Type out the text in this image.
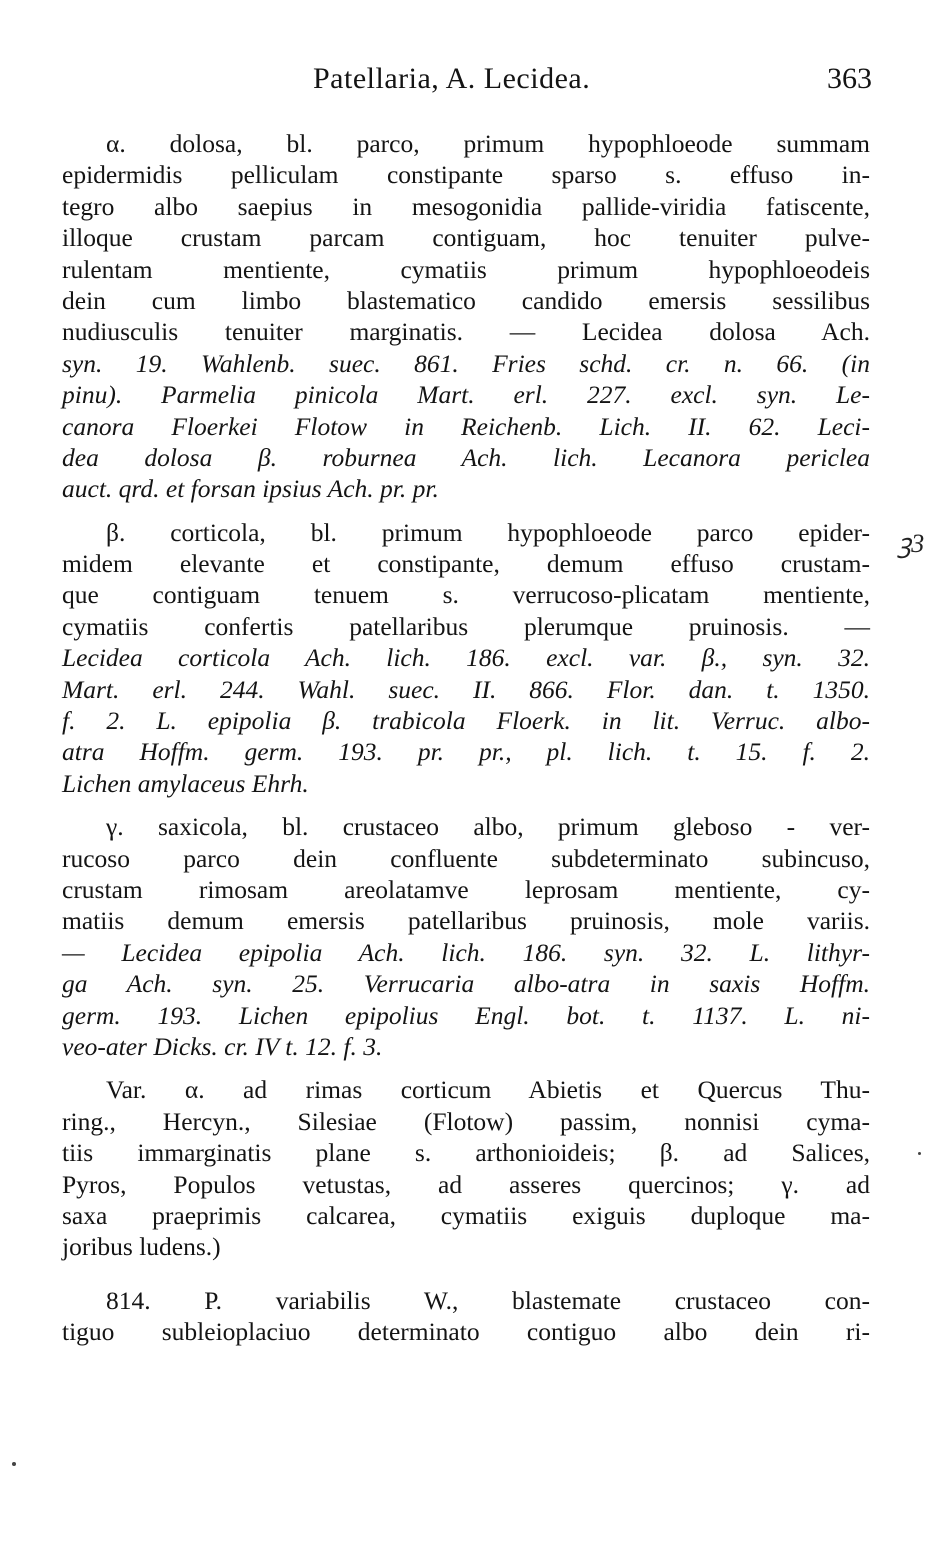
Patellaria, A. Lecidea.	363
ꝫ3
α. dolosa, bl. parco, primum hypophloeode summam
epidermidis pelliculam constipante sparso s. effuso in-
tegro albo saepius in mesogonidia pallide-viridia fatiscente,
illoque crustam parcam contiguam, hoc tenuiter pulve-
rulentam mentiente, cymatiis primum hypophloeodeis
dein cum limbo blastematico candido emersis sessilibus
nudiusculis tenuiter marginatis. — Lecidea dolosa Ach.
syn. 19. Wahlenb. suec. 861. Fries schd. cr. n. 66. (in
pinu). Parmelia pinicola Mart. erl. 227. excl. syn. Le-
canora Floerkei Flotow in Reichenb. Lich. II. 62. Leci-
dea dolosa β. roburnea Ach. lich. Lecanora periclea
auct. qrd. et forsan ipsius Ach. pr. pr.
β. corticola, bl. primum hypophloeode parco epider-
midem elevante et constipante, demum effuso crustam-
que contiguam tenuem s. verrucoso-plicatam mentiente,
cymatiis confertis patellaribus plerumque pruinosis. —
Lecidea corticola Ach. lich. 186. excl. var. β., syn. 32.
Mart. erl. 244. Wahl. suec. II. 866. Flor. dan. t. 1350.
f. 2. L. epipolia β. trabicola Floerk. in lit. Verruc. albo-
atra Hoffm. germ. 193. pr. pr., pl. lich. t. 15. f. 2.
Lichen amylaceus Ehrh.
γ. saxicola, bl. crustaceo albo, primum gleboso - ver-
rucoso parco dein confluente subdeterminato subincuso,
crustam rimosam areolatamve leprosam mentiente, cy-
matiis demum emersis patellaribus pruinosis, mole variis.
— Lecidea epipolia Ach. lich. 186. syn. 32. L. lithyr-
ga Ach. syn. 25. Verrucaria albo-atra in saxis Hoffm.
germ. 193. Lichen epipolius Engl. bot. t. 1137. L. ni-
veo-ater Dicks. cr. IV t. 12. f. 3.
Var. α. ad rimas corticum Abietis et Quercus Thu-
ring., Hercyn., Silesiae (Flotow) passim, nonnisi cyma-
tiis immarginatis plane s. arthonioideis; β. ad Salices,
Pyros, Populos vetustas, ad asseres quercinos; γ. ad
saxa praeprimis calcarea, cymatiis exiguis duploque ma-
joribus ludens.)
814. P. variabilis W., blastemate crustaceo con-
tiguo subleioplaciuo determinato contiguo albo dein ri-
